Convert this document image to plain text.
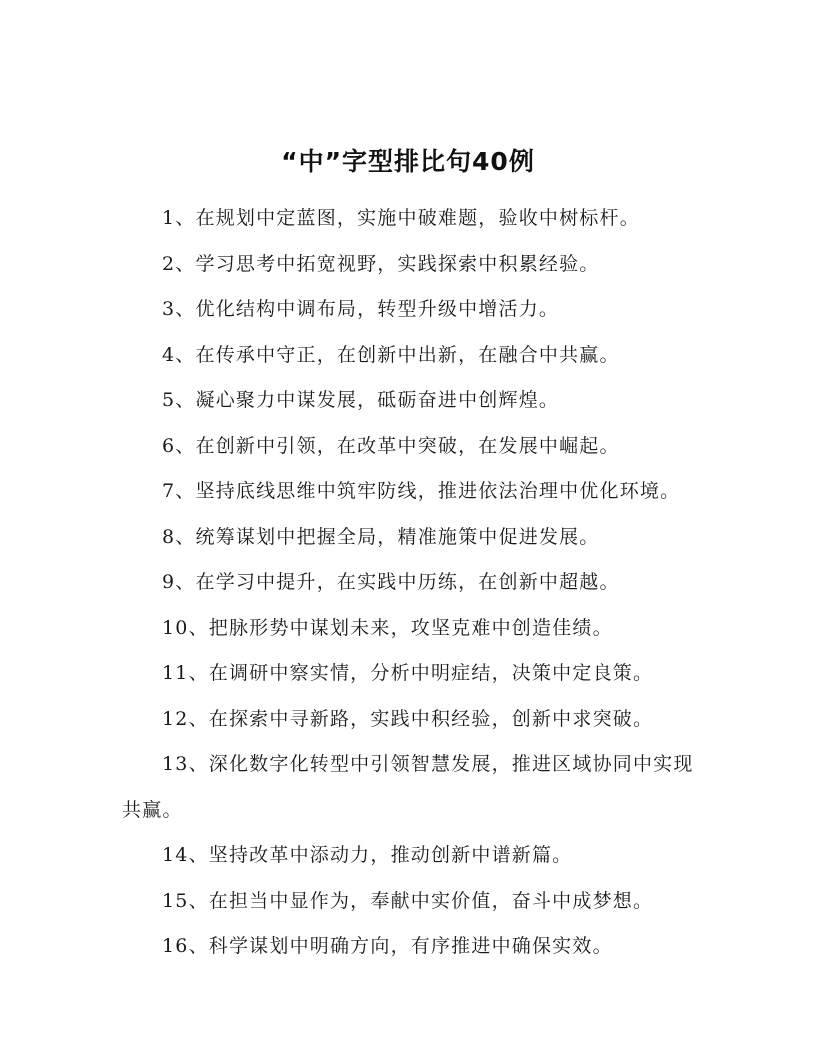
“中”字型排比句40例

1、在规划中定蓝图，实施中破难题，验收中树标杆。

2、学习思考中拓宽视野，实践探索中积累经验。

3、优化结构中调布局，转型升级中增活力。

4、在传承中守正，在创新中出新，在融合中共赢。

5、凝心聚力中谋发展，砥砺奋进中创辉煌。

6、在创新中引领，在改革中突破，在发展中崛起。

7、坚持底线思维中筑牢防线，推进依法治理中优化环境。

8、统筹谋划中把握全局，精准施策中促进发展。

9、在学习中提升，在实践中历练，在创新中超越。

10、把脉形势中谋划未来，攻坚克难中创造佳绩。

11、在调研中察实情，分析中明症结，决策中定良策。

12、在探索中寻新路，实践中积经验，创新中求突破。

13、深化数字化转型中引领智慧发展，推进区域协同中实现共赢。

14、坚持改革中添动力，推动创新中谱新篇。

15、在担当中显作为，奉献中实价值，奋斗中成梦想。

16、科学谋划中明确方向，有序推进中确保实效。
